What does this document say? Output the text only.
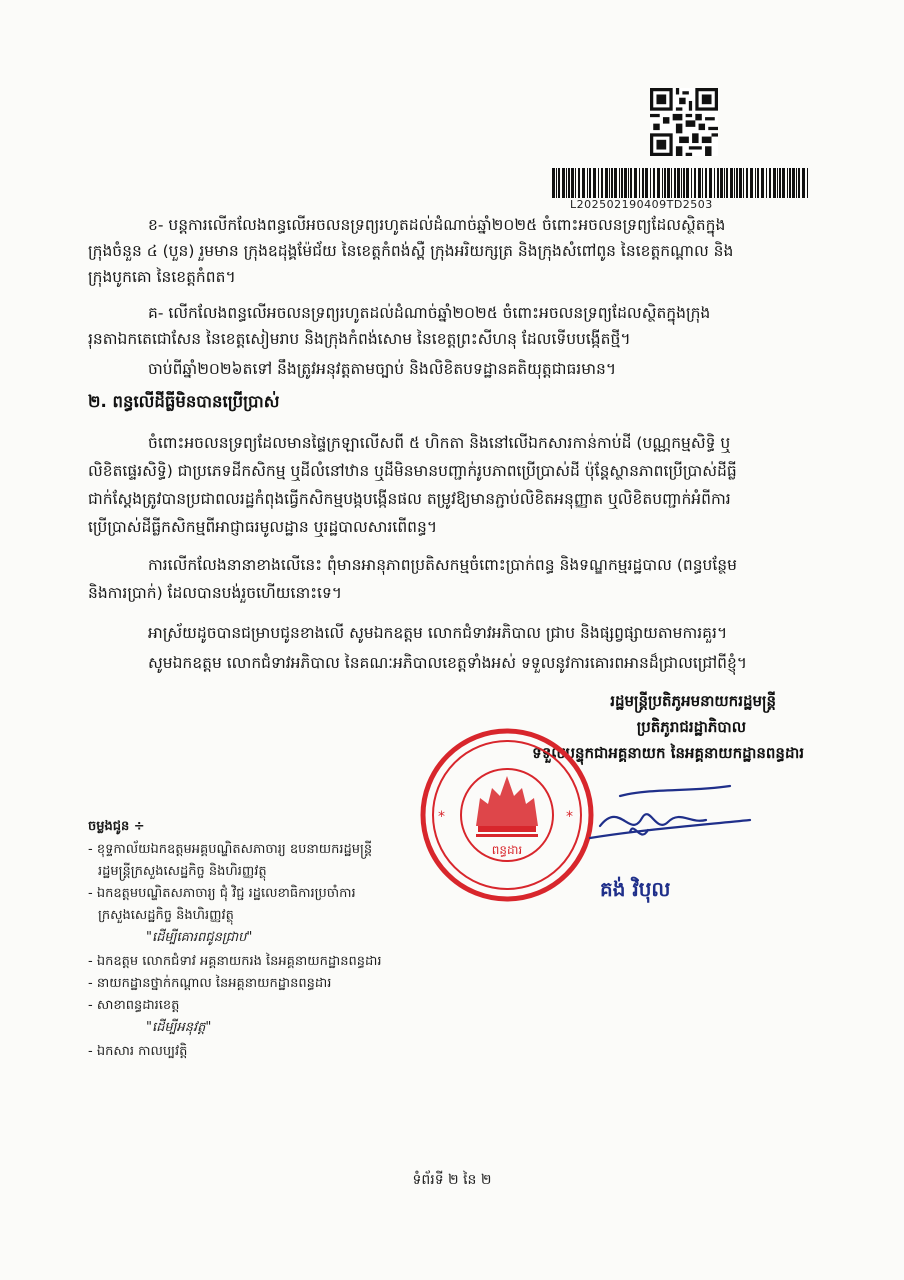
L202502190409TD2503
ខ- បន្តការលើកលែងពន្ធលើអចលនទ្រព្យរហូតដល់ដំណាច់ឆ្នាំ២០២៥ ចំពោះអចលនទ្រព្យដែលស្ថិតក្នុង
ក្រុងចំនួន ៤ (បួន) រួមមាន ក្រុងឧដុង្គម៉ែជ័យ នៃខេត្តកំពង់ស្ពឺ ក្រុងអរិយក្សត្រ និងក្រុងសំពៅពូន នៃខេត្តកណ្ដាល និង
ក្រុងបូកគោ នៃខេត្តកំពត។
គ- លើកលែងពន្ធលើអចលនទ្រព្យរហូតដល់ដំណាច់ឆ្នាំ២០២៥ ចំពោះអចលនទ្រព្យដែលស្ថិតក្នុងក្រុង
រុនតាឯកតេជោសែន នៃខេត្តសៀមរាប និងក្រុងកំពង់សោម នៃខេត្តព្រះសីហនុ ដែលទើបបង្កើតថ្មី។
ចាប់ពីឆ្នាំ២០២៦តទៅ នឹងត្រូវអនុវត្តតាមច្បាប់ និងលិខិតបទដ្ឋានគតិយុត្តជាធរមាន។
២. ពន្ធលើដីធ្លីមិនបានប្រើប្រាស់
ចំពោះអចលនទ្រព្យដែលមានផ្ទៃក្រឡាលើសពី ៥ ហិកតា និងនៅលើឯកសារកាន់កាប់ដី (បណ្ណកម្មសិទ្ធិ ឬ
លិខិតផ្ទេរសិទ្ធិ) ជាប្រភេទដីកសិកម្ម ឬដីលំនៅឋាន ឬដីមិនមានបញ្ជាក់រូបភាពប្រើប្រាស់ដី ប៉ុន្តែស្ថានភាពប្រើប្រាស់ដីធ្លី
ជាក់ស្ដែងត្រូវបានប្រជាពលរដ្ឋកំពុងធ្វើកសិកម្មបង្កបង្កើនផល តម្រូវឱ្យមានភ្ជាប់លិខិតអនុញ្ញាត ឬលិខិតបញ្ជាក់អំពីការ
ប្រើប្រាស់ដីធ្លីកសិកម្មពីអាជ្ញាធរមូលដ្ឋាន ឬរដ្ឋបាលសារពើពន្ធ។
ការលើកលែងនានាខាងលើនេះ ពុំមានអានុភាពប្រតិសកម្មចំពោះប្រាក់ពន្ធ និងទណ្ឌកម្មរដ្ឋបាល (ពន្ធបន្ថែម
និងការប្រាក់) ដែលបានបង់រួចហើយនោះទេ។
អាស្រ័យដូចបានជម្រាបជូនខាងលើ សូមឯកឧត្តម លោកជំទាវអភិបាល ជ្រាប និងផ្សព្វផ្សាយតាមការគួរ។
សូមឯកឧត្តម លោកជំទាវអភិបាល នៃគណៈអភិបាលខេត្តទាំងអស់ ទទួលនូវការគោរពអានដ៏ជ្រាលជ្រៅពីខ្ញុំ។
រដ្ឋមន្ត្រីប្រតិភូអមនាយករដ្ឋមន្ត្រី
ប្រតិភូរាជរដ្ឋាភិបាល
ទទួលបន្ទុកជាអគ្គនាយក នៃអគ្គនាយកដ្ឋានពន្ធដារ
*	*
ពន្ធដារ
គង់ វិបុល
ចម្លងជូន ÷
- ខុទ្ទកាល័យឯកឧត្តមអគ្គបណ្ឌិតសភាចារ្យ ឧបនាយករដ្ឋមន្ត្រី
រដ្ឋមន្ត្រីក្រសួងសេដ្ឋកិច្ច និងហិរញ្ញវត្ថុ
- ឯកឧត្តមបណ្ឌិតសភាចារ្យ ជុំ វិជ្ជ រដ្ឋលេខាធិការប្រចាំការ
ក្រសួងសេដ្ឋកិច្ច និងហិរញ្ញវត្ថុ
"ដើម្បីគោរពជូនជ្រាប"
- ឯកឧត្តម លោកជំទាវ អគ្គនាយករង នៃអគ្គនាយកដ្ឋានពន្ធដារ
- នាយកដ្ឋានថ្នាក់កណ្ដាល នៃអគ្គនាយកដ្ឋានពន្ធដារ
- សាខាពន្ធដារខេត្ត
"ដើម្បីអនុវត្ត"
- ឯកសារ កាលប្បវត្តិ
ទំព័រទី ២ នៃ ២
